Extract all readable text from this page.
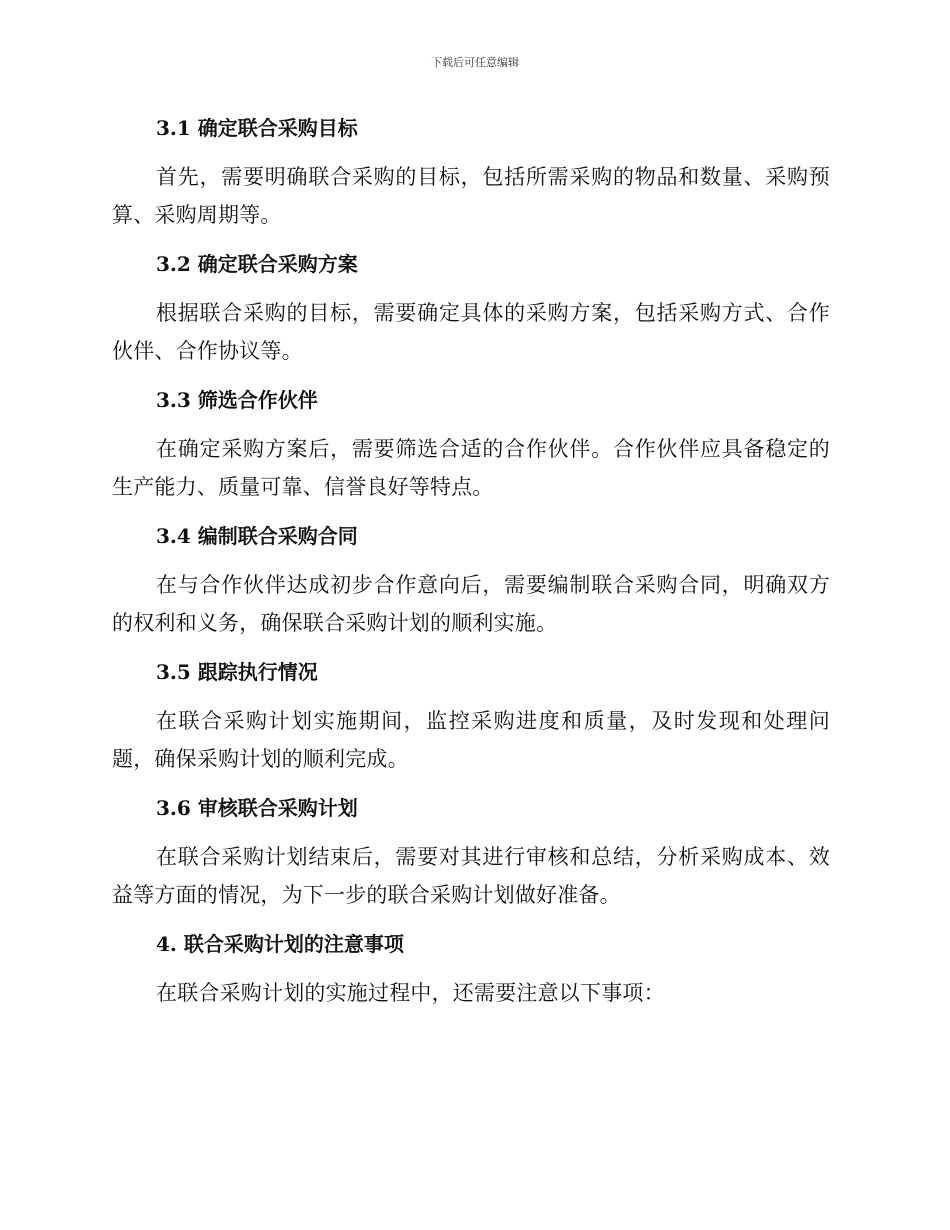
下载后可任意编辑
3.1 确定联合采购目标

首先，需要明确联合采购的目标，包括所需采购的物品和数量、采购预算、采购周期等。

3.2 确定联合采购方案

根据联合采购的目标，需要确定具体的采购方案，包括采购方式、合作伙伴、合作协议等。

3.3 筛选合作伙伴

在确定采购方案后，需要筛选合适的合作伙伴。合作伙伴应具备稳定的生产能力、质量可靠、信誉良好等特点。

3.4 编制联合采购合同

在与合作伙伴达成初步合作意向后，需要编制联合采购合同，明确双方的权利和义务，确保联合采购计划的顺利实施。

3.5 跟踪执行情况

在联合采购计划实施期间，监控采购进度和质量，及时发现和处理问题，确保采购计划的顺利完成。

3.6 审核联合采购计划

在联合采购计划结束后，需要对其进行审核和总结，分析采购成本、效益等方面的情况，为下一步的联合采购计划做好准备。

4. 联合采购计划的注意事项

在联合采购计划的实施过程中，还需要注意以下事项：
